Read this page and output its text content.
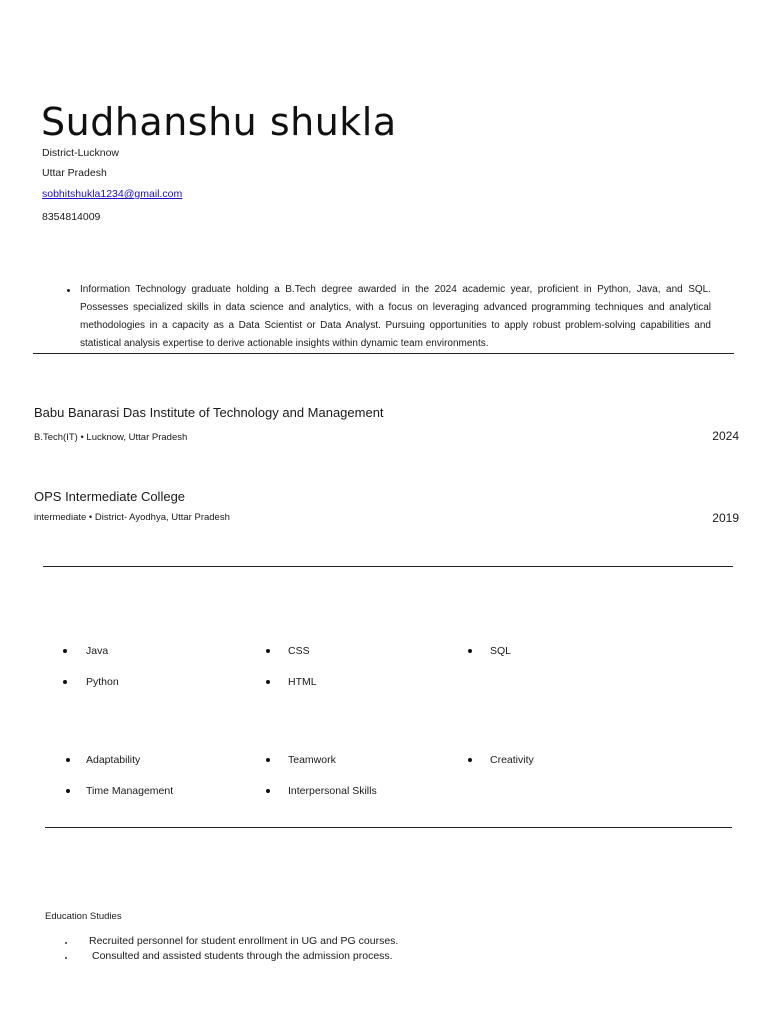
Sudhanshu shukla
District-Lucknow
Uttar Pradesh
sobhitshukla1234@gmail.com
8354814009
Information Technology graduate holding a B.Tech degree awarded in the 2024 academic year, proficient in Python, Java, and SQL. Possesses specialized skills in data science and analytics, with a focus on leveraging advanced programming techniques and analytical methodologies in a capacity as a Data Scientist or Data Analyst. Pursuing opportunities to apply robust problem-solving capabilities and statistical analysis expertise to derive actionable insights within dynamic team environments.
Babu Banarasi Das Institute of Technology and Management
B.Tech(IT) • Lucknow, Uttar Pradesh	2024
OPS Intermediate College
intermediate • District- Ayodhya, Uttar Pradesh	2019
Java	CSS	SQL
Python	HTML
Adaptability	Teamwork	Creativity
Time Management	Interpersonal Skills
Education Studies
Recruited personnel for student enrollment in UG and PG courses.
Consulted and assisted students through the admission process.
